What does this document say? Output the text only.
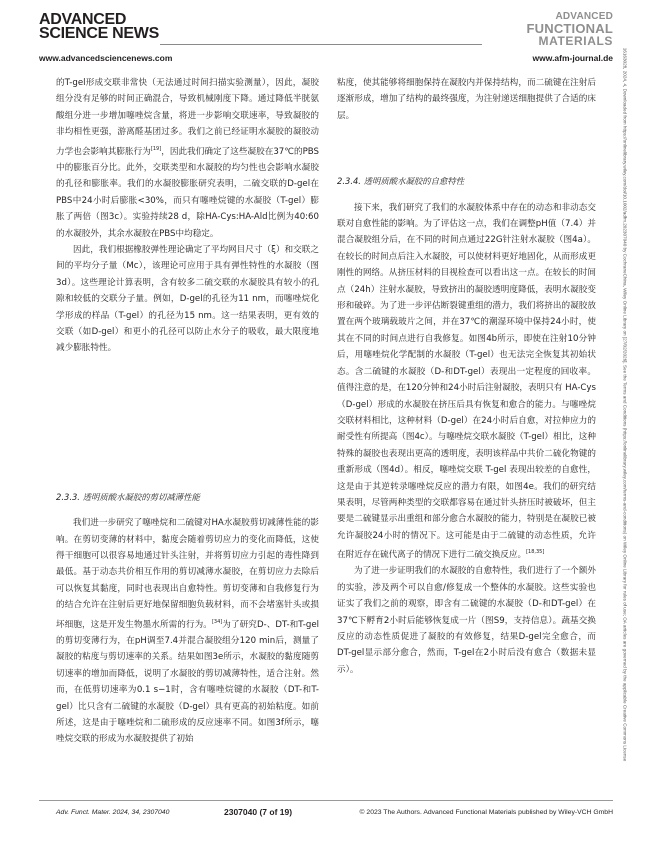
ADVANCED
SCIENCE NEWS
ADVANCED
FUNCTIONAL
MATERIALS
www.advancedsciencenews.com	www.afm-journal.de

的T-gel形成交联非常快（无法通过时间扫描实验测量），因此，凝胶组分没有足够的时间正确混合，导致机械刚度下降。通过降低半胱氨酸组分进一步增加噻唑烷含量，将进一步影响交联速率，导致凝胶的非均相性更强，游离醛基团过多。我们之前已经证明水凝胶的凝胶动力学也会影响其膨胀行为[19]，因此我们确定了这些凝胶在37℃的PBS中的膨胀百分比。此外，交联类型和水凝胶的均匀性也会影响水凝胶的孔径和膨胀率。我们的水凝胶膨胀研究表明，二硫交联的D-gel在PBS中24小时后膨胀<30%，而只有噻唑烷键的水凝胶（T-gel）膨胀了两倍（图3c）。实验持续28 d，除HA-Cys:HA-Ald比例为40:60的水凝胶外，其余水凝胶在PBS中均稳定。

因此，我们根据橡胶弹性理论确定了平均网目尺寸（ξ）和交联之间的平均分子量（Mc），该理论可应用于具有弹性特性的水凝胶（图3d）。这些理论计算表明，含有较多二硫交联的水凝胶具有较小的孔隙和较低的交联分子量。例如，D-gel的孔径为11 nm，而噻唑烷化学形成的样品（T-gel）的孔径为15 nm。这一结果表明，更有效的交联（如D-gel）和更小的孔径可以防止水分子的吸收，最大限度地减少膨胀特性。

2.3.3. 透明质酸水凝胶的剪切减薄性能

我们进一步研究了噻唑烷和二硫键对HA水凝胶剪切减薄性能的影响。在剪切变薄的材料中，黏度会随着剪切应力的变化而降低，这使得干细胞可以很容易地通过针头注射，并将剪切应力引起的毒性降到最低。基于动态共价相互作用的剪切减薄水凝胶，在剪切应力去除后可以恢复其黏度，同时也表现出自愈特性。剪切变薄和自我修复行为的结合允许在注射后更好地保留细胞负载材料，而不会堵塞针头或损坏细胞，这是开发生物墨水所需的行为。[34]为了研究D-、DT-和T-gel的剪切变薄行为，在pH调至7.4并混合凝胶组分120 min后，测量了凝胶的粘度与剪切速率的关系。结果如图3e所示，水凝胶的黏度随剪切速率的增加而降低，说明了水凝胶的剪切减薄特性，适合注射。然而，在低剪切速率为0.1 s−1时，含有噻唑烷键的水凝胶（DT-和T-gel）比只含有二硫键的水凝胶（D-gel）具有更高的初始粘度。如前所述，这是由于噻唑烷和二硫形成的反应速率不同。如图3f所示，噻唑烷交联的形成为水凝胶提供了初始

粘度，使其能够将细胞保持在凝胶内并保持结构，而二硫键在注射后逐渐形成，增加了结构的最终强度，为注射递送细胞提供了合适的床层。

2.3.4. 透明质酸水凝胶的自愈特性

接下来，我们研究了我们的水凝胶体系中存在的动态和非动态交联对自愈性能的影响。为了评估这一点，我们在调整pH值（7.4）并混合凝胶组分后，在不同的时间点通过22G针注射水凝胶（图4a）。在较长的时间点后注入水凝胶，可以使材料更好地固化，从而形成更刚性的网络。从挤压材料的目视检查可以看出这一点。在较长的时间点（24h）注射水凝胶，导致挤出的凝胶透明度降低，表明水凝胶变形和破碎。为了进一步评估断裂键重组的潜力，我们将挤出的凝胶放置在两个玻璃载玻片之间，并在37℃的潮湿环境中保持24小时，使其在不同的时间点进行自我修复。如图4b所示，即使在注射10分钟后，用噻唑烷化学配制的水凝胶（T-gel）也无法完全恢复其初始状态。含二硫键的水凝胶（D-和DT-gel）表现出一定程度的回收率。值得注意的是，在120分钟和24小时后注射凝胶，表明只有 HA-Cys（D-gel）形成的水凝胶在挤压后具有恢复和愈合的能力。与噻唑烷交联材料相比，这种材料（D-gel）在24小时后自愈，对拉伸应力的耐受性有所提高（图4c）。与噻唑烷交联水凝胶（T-gel）相比，这种特殊的凝胶也表现出更高的透明度，表明该样品中共价二硫化物键的重新形成（图4d）。相反，噻唑烷交联 T-gel 表现出较差的自愈性，这是由于其逆转录噻唑烷反应的潜力有限，如图4e。我们的研究结果表明，尽管两种类型的交联都容易在通过针头挤压时被破坏，但主要是二硫键显示出重组和部分愈合水凝胶的能力，特别是在凝胶已被允许凝胶24小时的情况下。这可能是由于二硫键的动态性质，允许在附近存在硫代离子的情况下进行二硫交换反应。[18,35]

为了进一步证明我们的水凝胶的自愈特性，我们进行了一个额外的实验，涉及两个可以自愈/修复成一个整体的水凝胶。这些实验也证实了我们之前的观察，即含有二硫键的水凝胶（D-和DT-gel）在37℃下孵育2小时后能够恢复成一片（图S9，支持信息）。蔬基交换反应的动态性质促进了凝胶的有效修复，结果D-gel完全愈合，而DT-gel显示部分愈合，然而，T-gel在2小时后没有愈合（数据未显示）。

Adv. Funct. Mater. 2024, 34, 2307040	2307040 (7 of 19)	© 2023 The Authors. Advanced Functional Materials published by Wiley-VCH GmbH
16163028, 2024, 4, Downloaded from https://onlinelibrary.wiley.com/doi/10.1002/adfm.202307040 by CochraneChina, Wiley Online Library on [27/02/2026]. See the Terms and Conditions (https://onlinelibrary.wiley.com/terms-and-conditions) on Wiley Online Library for rules of use; OA articles are governed by the applicable Creative Commons License
